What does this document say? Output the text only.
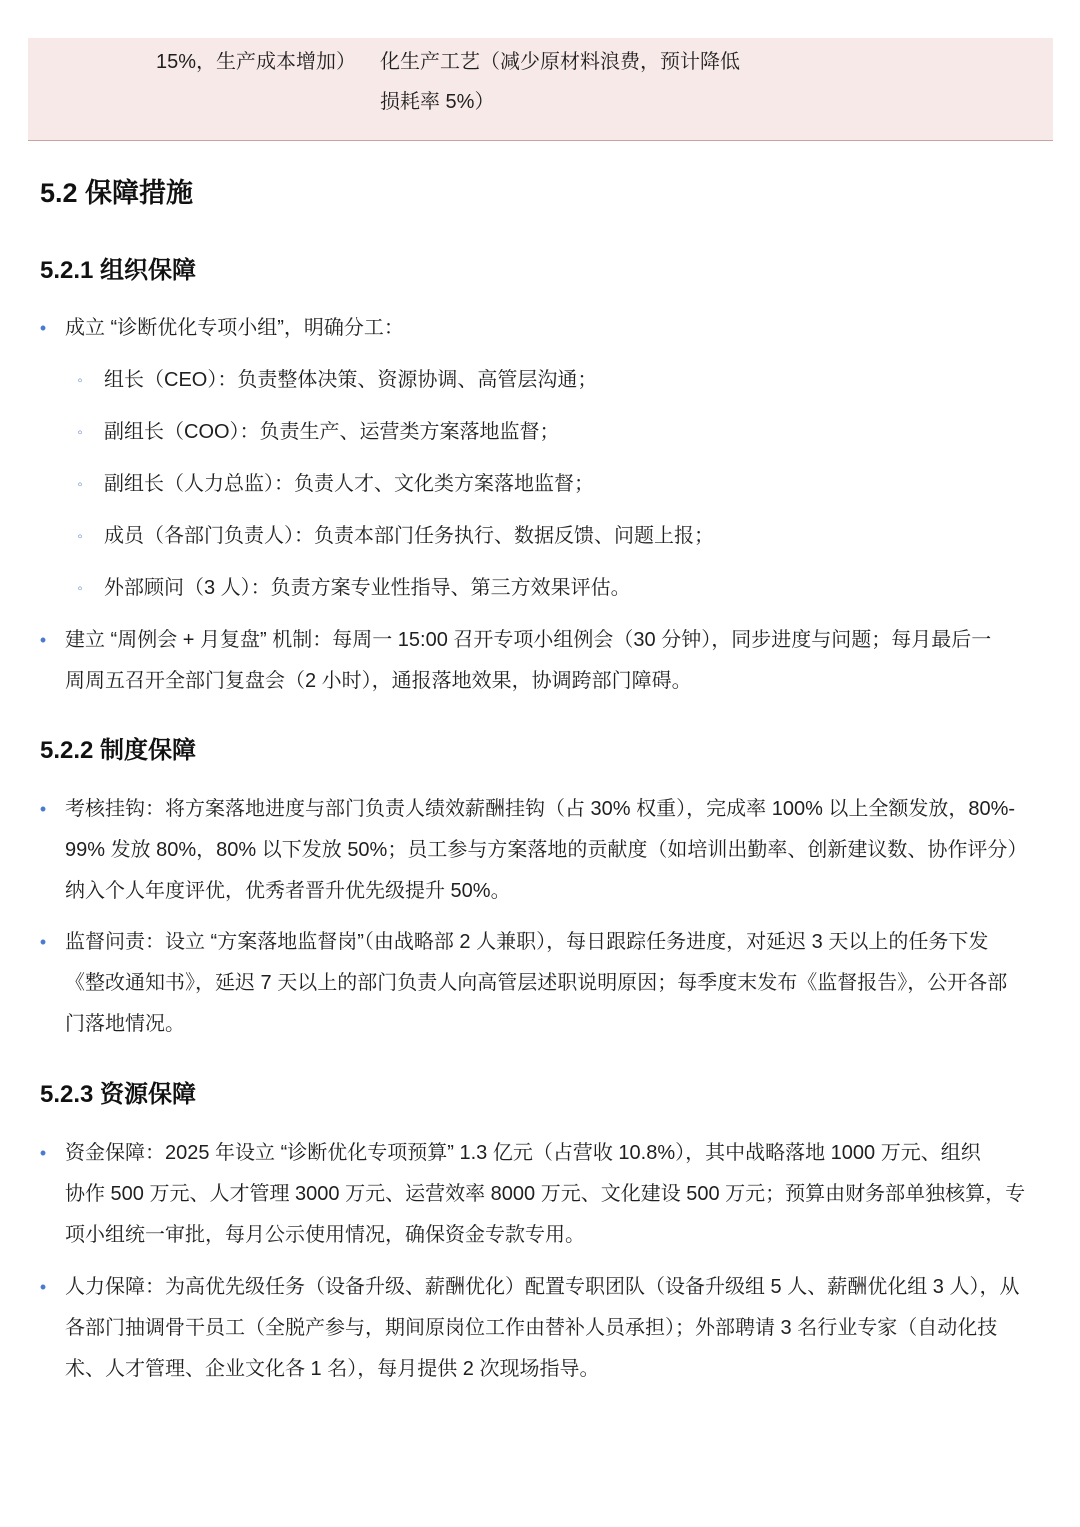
15%，生产成本增加）	化生产工艺（减少原材料浪费，预计降低
损耗率 5%）
5.2 保障措施
5.2.1 组织保障
• 成立 “诊断优化专项小组”，明确分工：

◦ 组长（CEO）：负责整体决策、资源协调、高管层沟通；

◦ 副组长（COO）：负责生产、运营类方案落地监督；

◦ 副组长（人力总监）：负责人才、文化类方案落地监督；

◦ 成员（各部门负责人）：负责本部门任务执行、数据反馈、问题上报；

◦ 外部顾问（3 人）：负责方案专业性指导、第三方效果评估。

• 建立 “周例会 + 月复盘” 机制：每周一 15:00 召开专项小组例会（30 分钟），同步进度与问题；每月最后一
周周五召开全部门复盘会（2 小时），通报落地效果，协调跨部门障碍。
5.2.2 制度保障
• 考核挂钩：将方案落地进度与部门负责人绩效薪酬挂钩（占 30% 权重），完成率 100% 以上全额发放，80%-
99% 发放 80%，80% 以下发放 50%；员工参与方案落地的贡献度（如培训出勤率、创新建议数、协作评分）
纳入个人年度评优，优秀者晋升优先级提升 50%。
• 监督问责：设立 “方案落地监督岗”（由战略部 2 人兼职），每日跟踪任务进度，对延迟 3 天以上的任务下发
《整改通知书》，延迟 7 天以上的部门负责人向高管层述职说明原因；每季度末发布《监督报告》，公开各部
门落地情况。
5.2.3 资源保障
• 资金保障：2025 年设立 “诊断优化专项预算” 1.3 亿元（占营收 10.8%），其中战略落地 1000 万元、组织
协作 500 万元、人才管理 3000 万元、运营效率 8000 万元、文化建设 500 万元；预算由财务部单独核算，专
项小组统一审批，每月公示使用情况，确保资金专款专用。
• 人力保障：为高优先级任务（设备升级、薪酬优化）配置专职团队（设备升级组 5 人、薪酬优化组 3 人），从
各部门抽调骨干员工（全脱产参与，期间原岗位工作由替补人员承担）；外部聘请 3 名行业专家（自动化技
术、人才管理、企业文化各 1 名），每月提供 2 次现场指导。
